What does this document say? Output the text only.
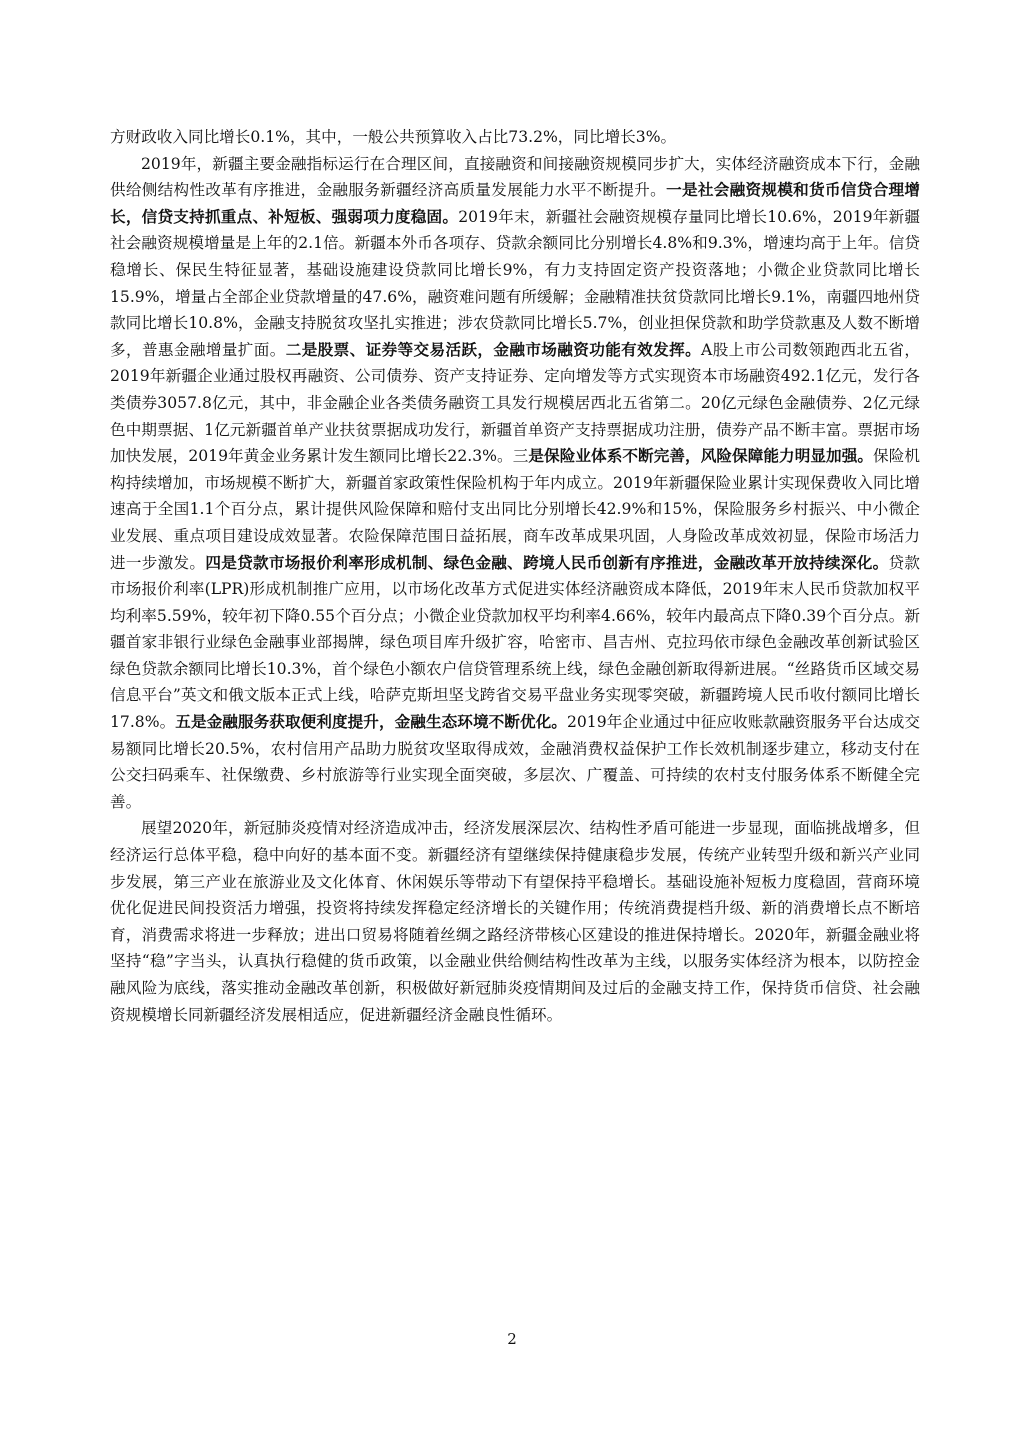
方财政收入同比增长0.1%，其中，一般公共预算收入占比73.2%，同比增长3%。

2019年，新疆主要金融指标运行在合理区间，直接融资和间接融资规模同步扩大，实体经济融资成本下行，金融供给侧结构性改革有序推进，金融服务新疆经济高质量发展能力水平不断提升。一是社会融资规模和货币信贷合理增长，信贷支持抓重点、补短板、强弱项力度稳固。2019年末，新疆社会融资规模存量同比增长10.6%，2019年新疆社会融资规模增量是上年的2.1倍。新疆本外币各项存、贷款余额同比分别增长4.8%和9.3%，增速均高于上年。信贷稳增长、保民生特征显著，基础设施建设贷款同比增长9%，有力支持固定资产投资落地；小微企业贷款同比增长15.9%，增量占全部企业贷款增量的47.6%，融资难问题有所缓解；金融精准扶贫贷款同比增长9.1%，南疆四地州贷款同比增长10.8%，金融支持脱贫攻坚扎实推进；涉农贷款同比增长5.7%，创业担保贷款和助学贷款惠及人数不断增多，普惠金融增量扩面。二是股票、证券等交易活跃，金融市场融资功能有效发挥。A股上市公司数领跑西北五省，2019年新疆企业通过股权再融资、公司债券、资产支持证券、定向增发等方式实现资本市场融资492.1亿元，发行各类债券3057.8亿元，其中，非金融企业各类债务融资工具发行规模居西北五省第二。20亿元绿色金融债券、2亿元绿色中期票据、1亿元新疆首单产业扶贫票据成功发行，新疆首单资产支持票据成功注册，债券产品不断丰富。票据市场加快发展，2019年黄金业务累计发生额同比增长22.3%。三是保险业体系不断完善，风险保障能力明显加强。保险机构持续增加，市场规模不断扩大，新疆首家政策性保险机构于年内成立。2019年新疆保险业累计实现保费收入同比增速高于全国1.1个百分点，累计提供风险保障和赔付支出同比分别增长42.9%和15%，保险服务乡村振兴、中小微企业发展、重点项目建设成效显著。农险保障范围日益拓展，商车改革成果巩固，人身险改革成效初显，保险市场活力进一步激发。四是贷款市场报价利率形成机制、绿色金融、跨境人民币创新有序推进，金融改革开放持续深化。贷款市场报价利率(LPR)形成机制推广应用，以市场化改革方式促进实体经济融资成本降低，2019年末人民币贷款加权平均利率5.59%，较年初下降0.55个百分点；小微企业贷款加权平均利率4.66%，较年内最高点下降0.39个百分点。新疆首家非银行业绿色金融事业部揭牌，绿色项目库升级扩容，哈密市、昌吉州、克拉玛依市绿色金融改革创新试验区绿色贷款余额同比增长10.3%，首个绿色小额农户信贷管理系统上线，绿色金融创新取得新进展。“丝路货币区域交易信息平台”英文和俄文版本正式上线，哈萨克斯坦坚戈跨省交易平盘业务实现零突破，新疆跨境人民币收付额同比增长17.8%。五是金融服务获取便利度提升，金融生态环境不断优化。2019年企业通过中征应收账款融资服务平台达成交易额同比增长20.5%，农村信用产品助力脱贫攻坚取得成效，金融消费权益保护工作长效机制逐步建立，移动支付在公交扫码乘车、社保缴费、乡村旅游等行业实现全面突破，多层次、广覆盖、可持续的农村支付服务体系不断健全完善。

展望2020年，新冠肺炎疫情对经济造成冲击，经济发展深层次、结构性矛盾可能进一步显现，面临挑战增多，但经济运行总体平稳，稳中向好的基本面不变。新疆经济有望继续保持健康稳步发展，传统产业转型升级和新兴产业同步发展，第三产业在旅游业及文化体育、休闲娱乐等带动下有望保持平稳增长。基础设施补短板力度稳固，营商环境优化促进民间投资活力增强，投资将持续发挥稳定经济增长的关键作用；传统消费提档升级、新的消费增长点不断培育，消费需求将进一步释放；进出口贸易将随着丝绸之路经济带核心区建设的推进保持增长。2020年，新疆金融业将坚持“稳”字当头，认真执行稳健的货币政策，以金融业供给侧结构性改革为主线，以服务实体经济为根本，以防控金融风险为底线，落实推动金融改革创新，积极做好新冠肺炎疫情期间及过后的金融支持工作，保持货币信贷、社会融资规模增长同新疆经济发展相适应，促进新疆经济金融良性循环。

2
